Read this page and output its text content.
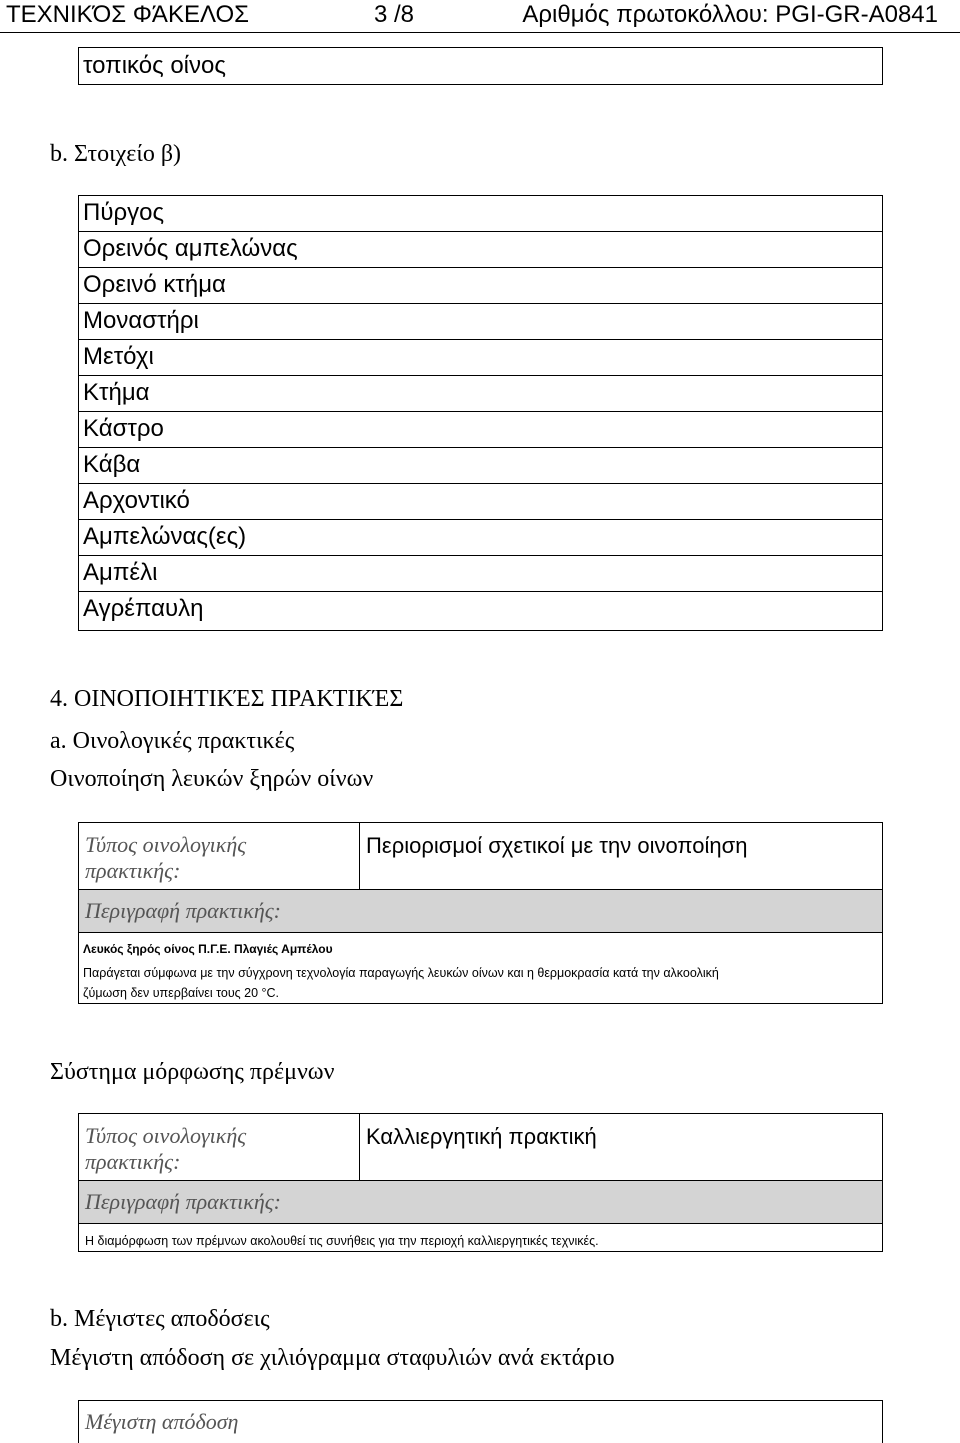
ΤΕΧΝΙΚΌΣ ΦΆΚΕΛΟΣ	3 /8	Αριθμός πρωτοκόλλου: PGI-GR-A0841
τοπικός οίνος
b. Στοιχείο β)
Πύργος
Ορεινός αμπελώνας
Ορεινό κτήμα
Μοναστήρι
Μετόχι
Κτήμα
Κάστρο
Κάβα
Αρχοντικό
Αμπελώνας(ες)
Αμπέλι
Αγρέπαυλη
4. ΟΙΝΟΠΟΙΗΤΙΚΈΣ ΠΡΑΚΤΙΚΈΣ
a. Οινολογικές πρακτικές
Οινοποίηση λευκών ξηρών οίνων
Τύπος οινολογικής πρακτικής:
Περιορισμοί σχετικοί με την οινοποίηση
Περιγραφή πρακτικής:
Λευκός ξηρός οίνος Π.Γ.Ε. Πλαγιές Αμπέλου
Παράγεται σύμφωνα με την σύγχρονη τεχνολογία παραγωγής λευκών οίνων και η θερμοκρασία κατά την αλκοολική
ζύμωση δεν υπερβαίνει τους 20 °C.
Σύστημα μόρφωσης πρέμνων
Τύπος οινολογικής πρακτικής:
Καλλιεργητική πρακτική
Περιγραφή πρακτικής:
Η διαμόρφωση των πρέμνων ακολουθεί τις συνήθεις για την περιοχή καλλιεργητικές τεχνικές.
b. Μέγιστες αποδόσεις
Μέγιστη απόδοση σε χιλιόγραμμα σταφυλιών ανά εκτάριο
Μέγιστη απόδοση
